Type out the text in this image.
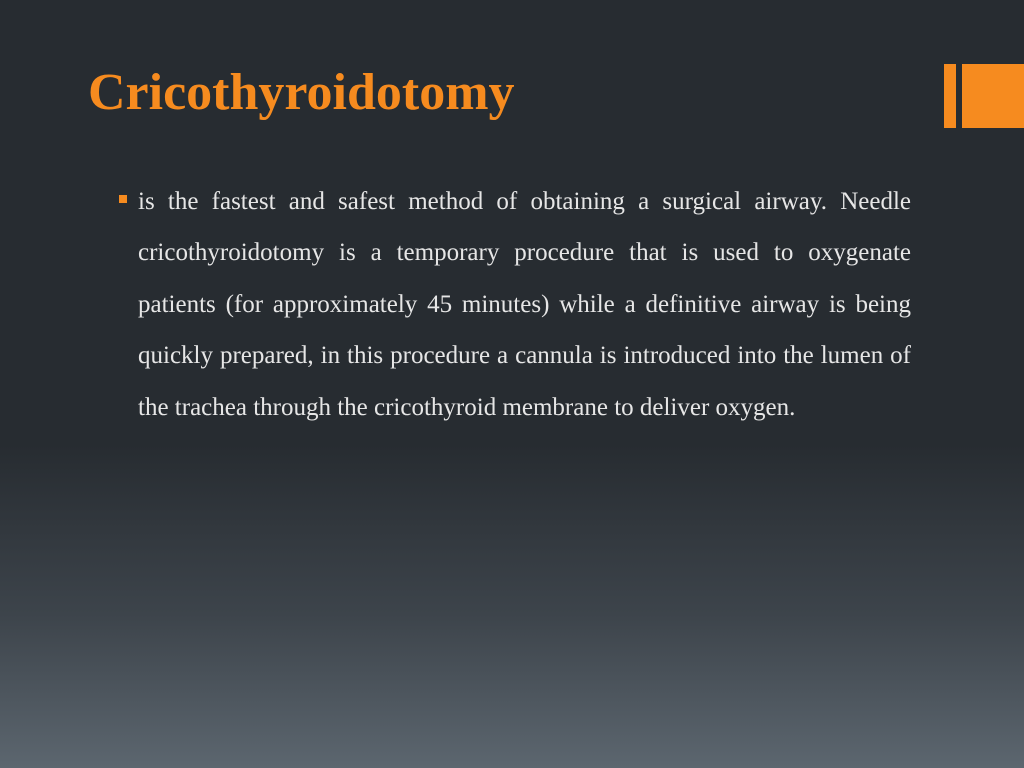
Cricothyroidotomy

is the fastest and safest method of obtaining a surgical airway. Needle cricothyroidotomy is a temporary procedure that is used to oxygenate patients (for approximately 45 minutes) while a definitive airway is being quickly prepared, in this procedure a cannula is introduced into the lumen of the trachea through the cricothyroid membrane to deliver oxygen.
